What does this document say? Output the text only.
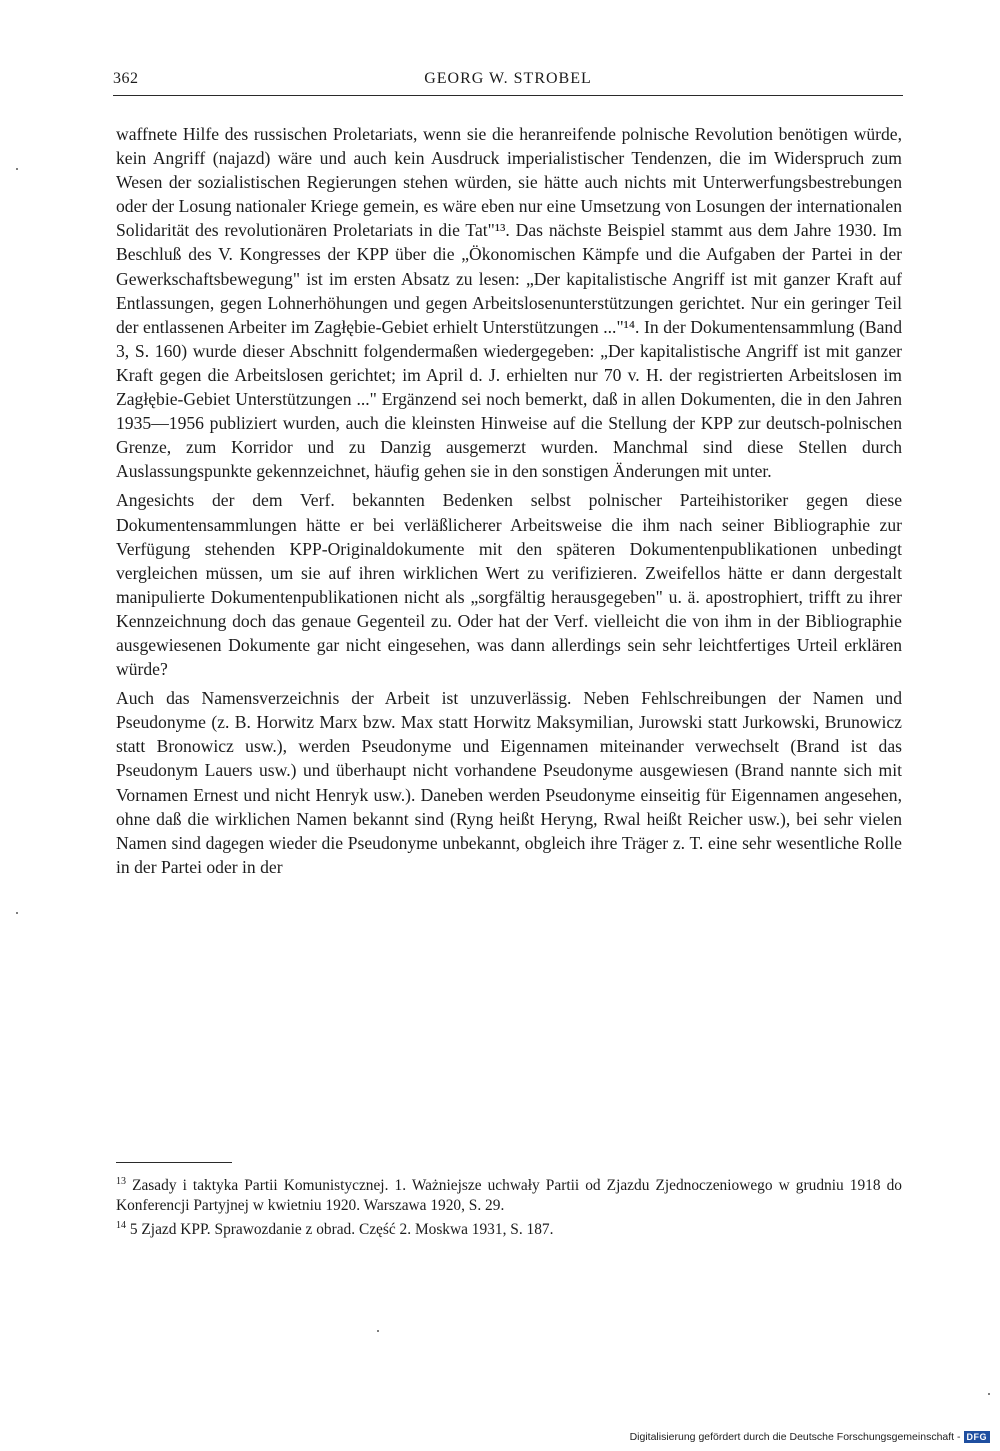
362	GEORG W. STROBEL

waffnete Hilfe des russischen Proletariats, wenn sie die heranreifende polnische Revolution benötigen würde, kein Angriff (najazd) wäre und auch kein Ausdruck imperialistischer Tendenzen, die im Widerspruch zum Wesen der sozialistischen Regierungen stehen würden, sie hätte auch nichts mit Unterwerfungsbestrebungen oder der Losung nationaler Kriege gemein, es wäre eben nur eine Umsetzung von Losungen der internationalen Solidarität des revolutionären Proletariats in die Tat"¹³. Das nächste Beispiel stammt aus dem Jahre 1930. Im Beschluß des V. Kongresses der KPP über die „Ökonomischen Kämpfe und die Aufgaben der Partei in der Gewerkschaftsbewegung" ist im ersten Absatz zu lesen: „Der kapitalistische Angriff ist mit ganzer Kraft auf Entlassungen, gegen Lohnerhöhungen und gegen Arbeitslosenunterstützungen gerichtet. Nur ein geringer Teil der entlassenen Arbeiter im Zagłębie-Gebiet erhielt Unterstützungen ..."¹⁴. In der Dokumentensammlung (Band 3, S. 160) wurde dieser Abschnitt folgendermaßen wiedergegeben: „Der kapitalistische Angriff ist mit ganzer Kraft gegen die Arbeitslosen gerichtet; im April d. J. erhielten nur 70 v. H. der registrierten Arbeitslosen im Zagłębie-Gebiet Unterstützungen ..." Ergänzend sei noch bemerkt, daß in allen Dokumenten, die in den Jahren 1935—1956 publiziert wurden, auch die kleinsten Hinweise auf die Stellung der KPP zur deutsch-polnischen Grenze, zum Korridor und zu Danzig ausgemerzt wurden. Manchmal sind diese Stellen durch Auslassungspunkte gekennzeichnet, häufig gehen sie in den sonstigen Änderungen mit unter.

Angesichts der dem Verf. bekannten Bedenken selbst polnischer Parteihistoriker gegen diese Dokumentensammlungen hätte er bei verläßlicherer Arbeitsweise die ihm nach seiner Bibliographie zur Verfügung stehenden KPP-Originaldokumente mit den späteren Dokumentenpublikationen unbedingt vergleichen müssen, um sie auf ihren wirklichen Wert zu verifizieren. Zweifellos hätte er dann dergestalt manipulierte Dokumentenpublikationen nicht als „sorgfältig herausgegeben" u. ä. apostrophiert, trifft zu ihrer Kennzeichnung doch das genaue Gegenteil zu. Oder hat der Verf. vielleicht die von ihm in der Bibliographie ausgewiesenen Dokumente gar nicht eingesehen, was dann allerdings sein sehr leichtfertiges Urteil erklären würde?

Auch das Namensverzeichnis der Arbeit ist unzuverlässig. Neben Fehlschreibungen der Namen und Pseudonyme (z. B. Horwitz Marx bzw. Max statt Horwitz Maksymilian, Jurowski statt Jurkowski, Brunowicz statt Bronowicz usw.), werden Pseudonyme und Eigennamen miteinander verwechselt (Brand ist das Pseudonym Lauers usw.) und überhaupt nicht vorhandene Pseudonyme ausgewiesen (Brand nannte sich mit Vornamen Ernest und nicht Henryk usw.). Daneben werden Pseudonyme einseitig für Eigennamen angesehen, ohne daß die wirklichen Namen bekannt sind (Ryng heißt Heryng, Rwal heißt Reicher usw.), bei sehr vielen Namen sind dagegen wieder die Pseudonyme unbekannt, obgleich ihre Träger z. T. eine sehr wesentliche Rolle in der Partei oder in der

$^{13}$ Zasady i taktyka Partii Komunistycznej. 1. Ważniejsze uchwały Partii od Zjazdu Zjednoczeniowego w grudniu 1918 do Konferencji Partyjnej w kwietniu 1920. Warszawa 1920, S. 29.
$^{14}$ 5 Zjazd KPP. Sprawozdanie z obrad. Część 2. Moskwa 1931, S. 187.
Digitalisierung gefördert durch die Deutsche Forschungsgemeinschaft - DFG
